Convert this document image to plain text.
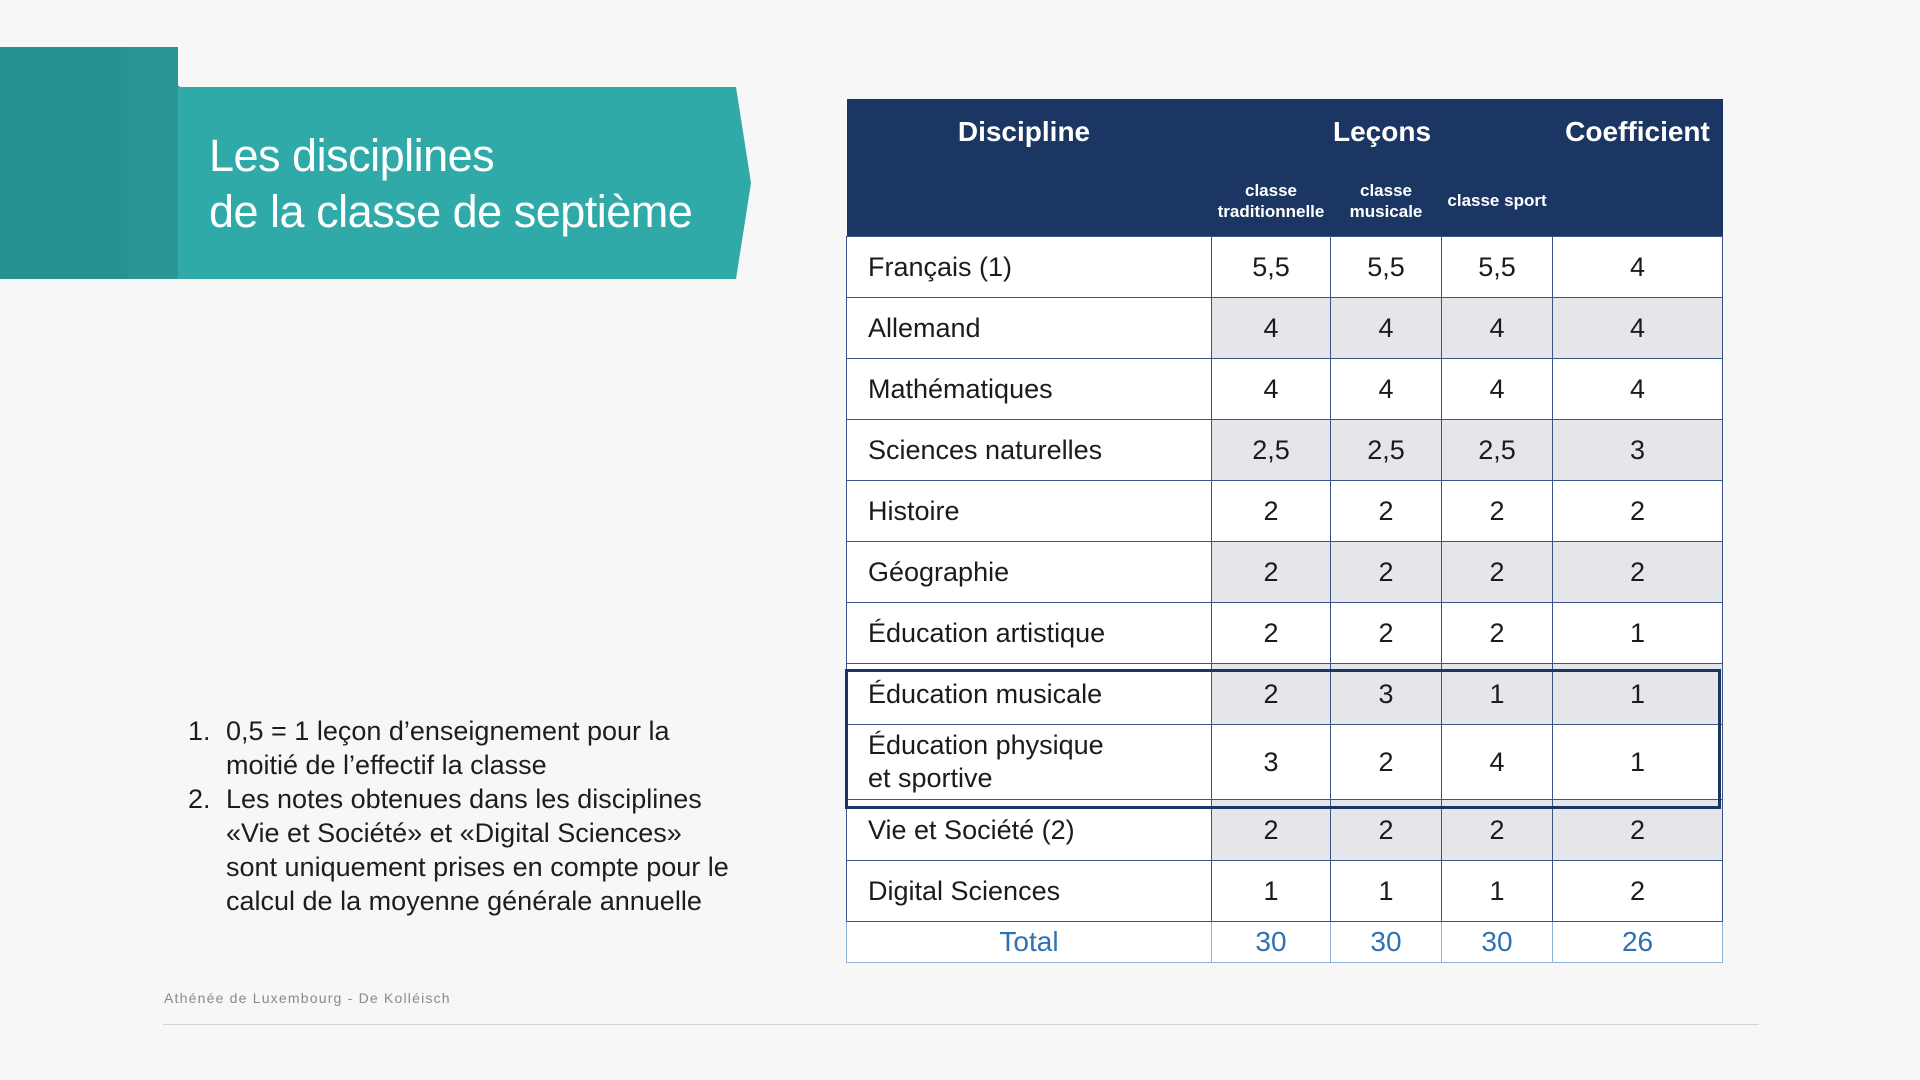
Les disciplines
de la classe de septième
Discipline	Leçons			Coefficient
	classe traditionnelle	classe musicale	classe sport	
Français (1)	5,5	5,5	5,5	4
Allemand	4	4	4	4
Mathématiques	4	4	4	4
Sciences naturelles	2,5	2,5	2,5	3
Histoire	2	2	2	2
Géographie	2	2	2	2
Éducation artistique	2	2	2	1
Éducation musicale	2	3	1	1
Éducation physique
et sportive	3	2	4	1
Vie et Société (2)	2	2	2	2
Digital Sciences	1	1	1	2
Total	30	30	30	26
1. 0,5 = 1 leçon d’enseignement pour la moitié de l’effectif la classe
2. Les notes obtenues dans les disciplines «Vie et Société» et «Digital Sciences» sont uniquement prises en compte pour le calcul de la moyenne générale annuelle
Athénée de Luxembourg - De Kolléisch
